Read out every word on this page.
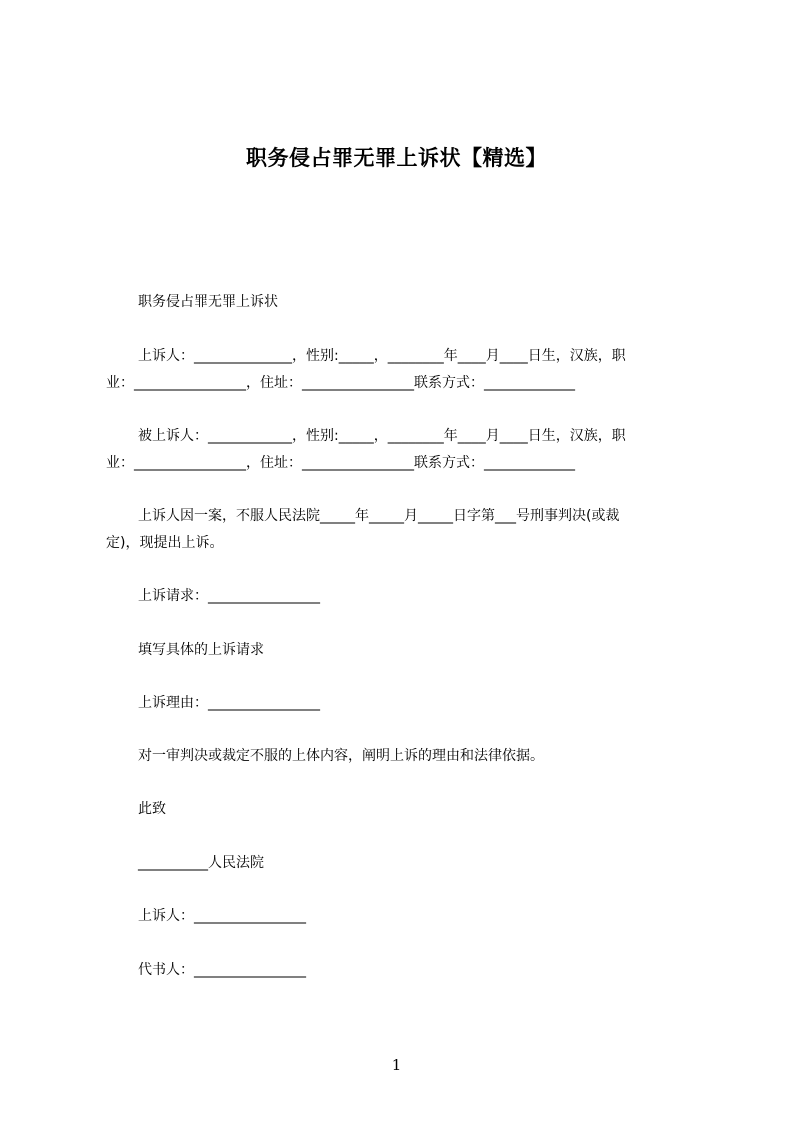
职务侵占罪无罪上诉状【精选】
职务侵占罪无罪上诉状
上诉人：______________，性别:_____，________年____月____日生，汉族，职
业：________________，住址：________________联系方式：_____________
被上诉人：____________，性别:_____，________年____月____日生，汉族，职
业：________________，住址：________________联系方式：_____________
上诉人因一案，不服人民法院_____年_____月_____日字第___号刑事判决(或裁
定)，现提出上诉。
上诉请求：________________
填写具体的上诉请求
上诉理由：________________
对一审判决或裁定不服的上体内容，阐明上诉的理由和法律依据。
此致
__________人民法院
上诉人：________________
代书人：________________
1
